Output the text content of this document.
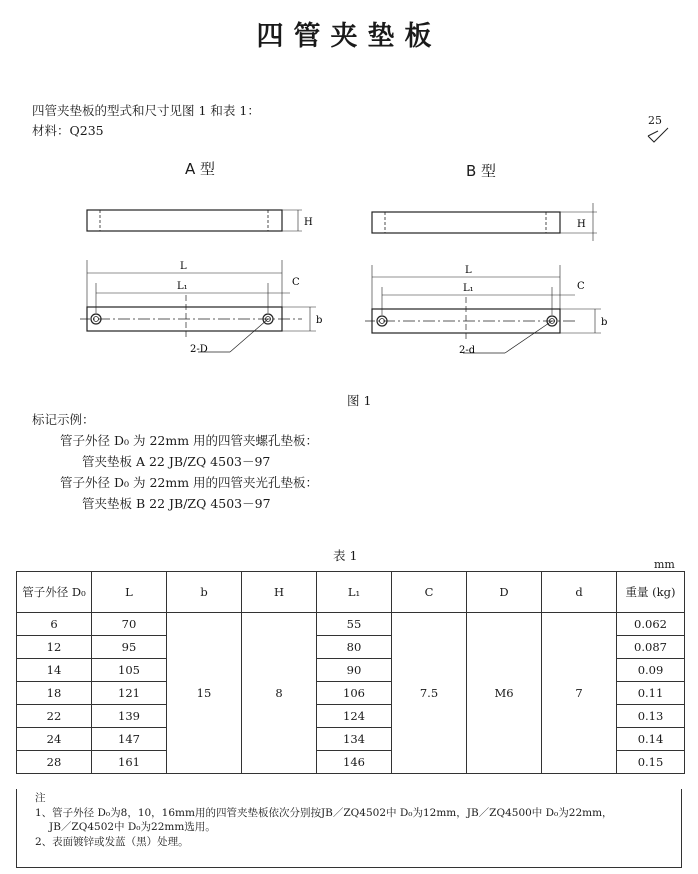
四管夹垫板
四管夹垫板的型式和尺寸见图 1 和表 1：
材料：Q235
25
A 型	B 型
H
L
L₁	C
b
2-D
H
L
L₁	C
b
2-d
图 1
标记示例：
管子外径 D₀ 为 22mm 用的四管夹螺孔垫板：
管夹垫板 A 22 JB/ZQ 4503－97
管子外径 D₀ 为 22mm 用的四管夹光孔垫板：
管夹垫板 B 22 JB/ZQ 4503－97
表 1
mm
管子外径 D₀	L	b	H	L₁	C	D	d	重量 (kg)
6	70	15	8	55	7.5	M6	7	0.062
12	95			80				0.087
14	105			90				0.09
18	121			106				0.11
22	139			124				0.13
24	147			134				0.14
28	161			146				0.15
注
1、管子外径 D₀为8，10，16mm用的四管夹垫板依次分别按JB／ZQ4502中 D₀为12mm，JB／ZQ4500中 D₀为22mm，
JB／ZQ4502中 D₀为22mm选用。
2、表面镀锌或发蓝（黑）处理。
